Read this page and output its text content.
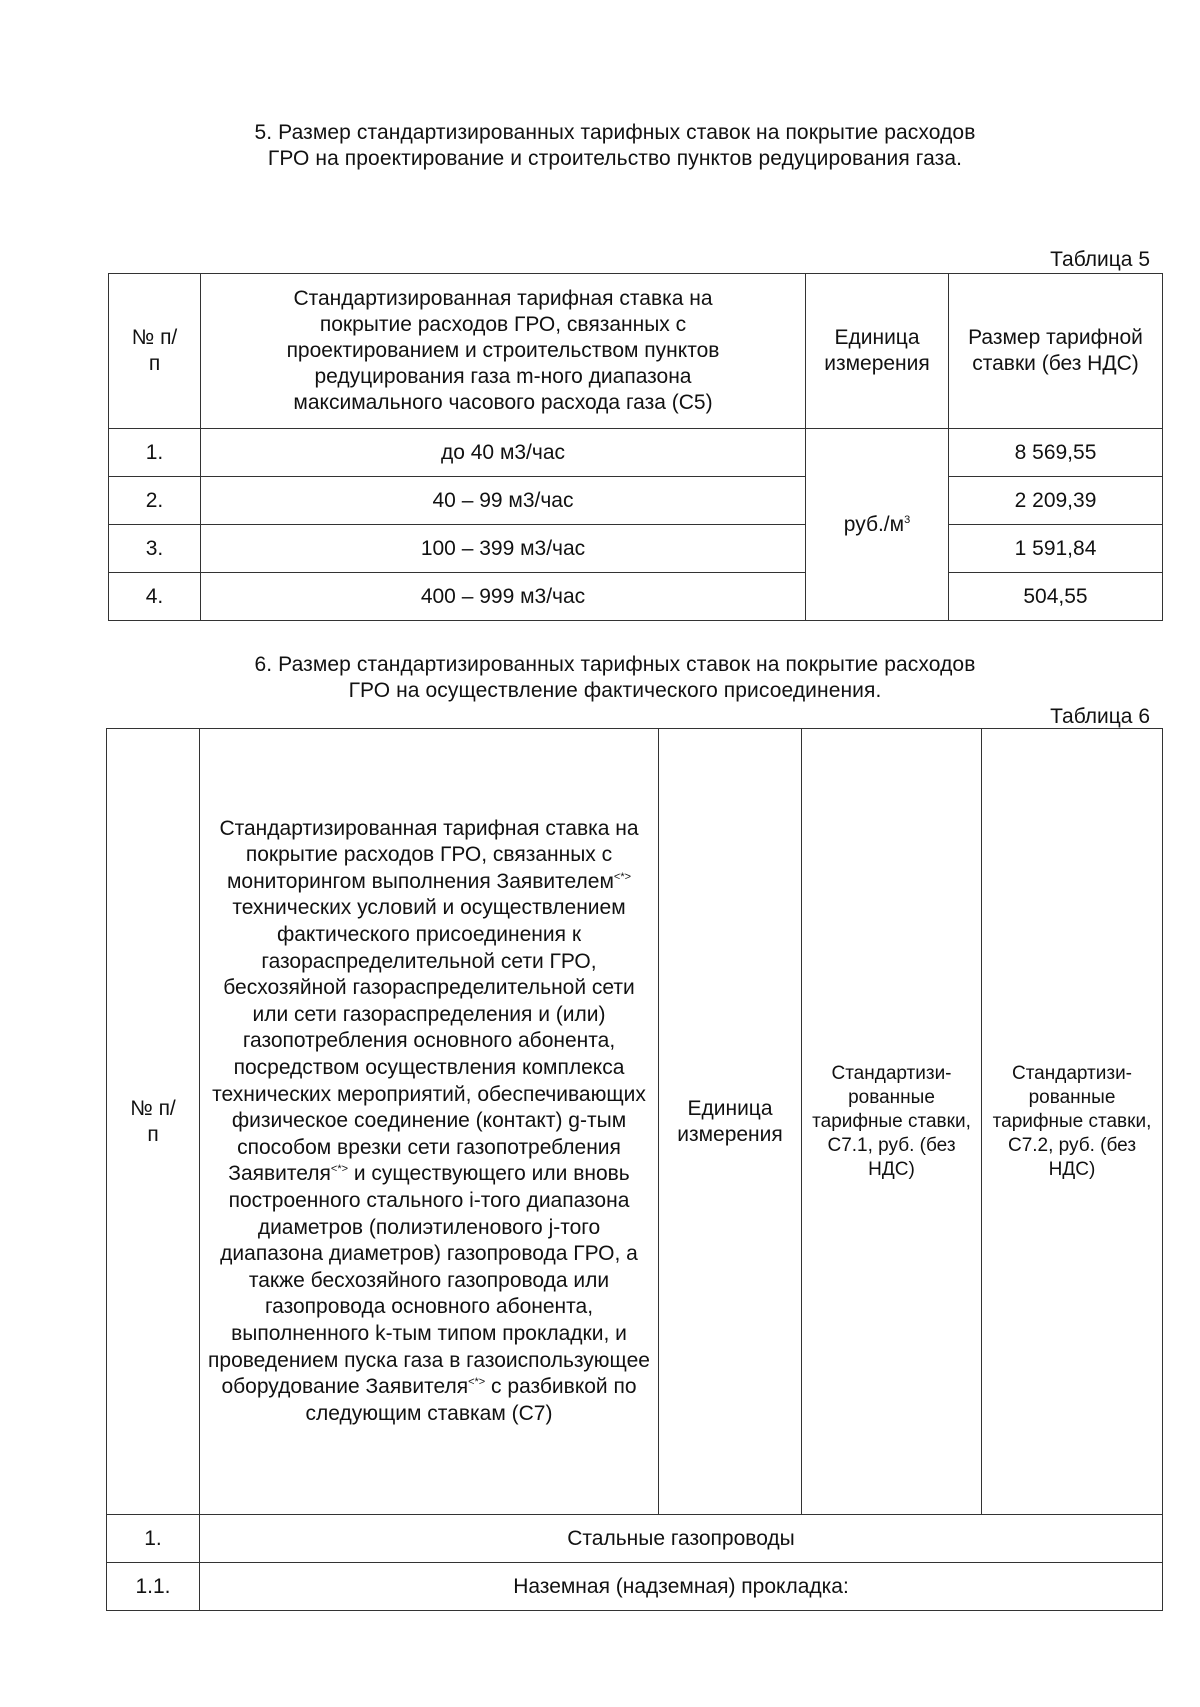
5. Размер стандартизированных тарифных ставок на покрытие расходов
ГРО на проектирование и строительство пунктов редуцирования газа.
Таблица 5
№ п/п	Стандартизированная тарифная ставка на покрытие расходов ГРО, связанных с проектированием и строительством пунктов редуцирования газа m-ного диапазона максимального часового расхода газа (С5)	Единица измерения	Размер тарифной ставки (без НДС)
1.	до 40 м3/час	$руб./м^3$	8 569,55
2.	40 – 99 м3/час		2 209,39
3.	100 – 399 м3/час		1 591,84
4.	400 – 999 м3/час		504,55
6. Размер стандартизированных тарифных ставок на покрытие расходов
ГРО на осуществление фактического присоединения.
Таблица 6
№ п/п	Стандартизированная тарифная ставка на покрытие расходов ГРО, связанных с мониторингом выполнения Заявителем<*> технических условий и осуществлением фактического присоединения к газораспределительной сети ГРО, бесхозяйной газораспределительной сети или сети газораспределения и (или) газопотребления основного абонента, посредством осуществления комплекса технических мероприятий, обеспечивающих физическое соединение (контакт) g-тым способом врезки сети газопотребления Заявителя<*> и существующего или вновь построенного стального i-того диапазона диаметров (полиэтиленового j-того диапазона диаметров) газопровода ГРО, а также бесхозяйного газопровода или газопровода основного абонента, выполненного k-тым типом прокладки, и проведением пуска газа в газоиспользующее оборудование Заявителя<*> с разбивкой по следующим ставкам (С7)	Единица измерения	Стандартизи-рованные тарифные ставки, С7.1, руб. (без НДС)	Стандартизи-рованные тарифные ставки, С7.2, руб. (без НДС)
1.	Стальные газопроводы			
1.1.	Наземная (надземная) прокладка:			
